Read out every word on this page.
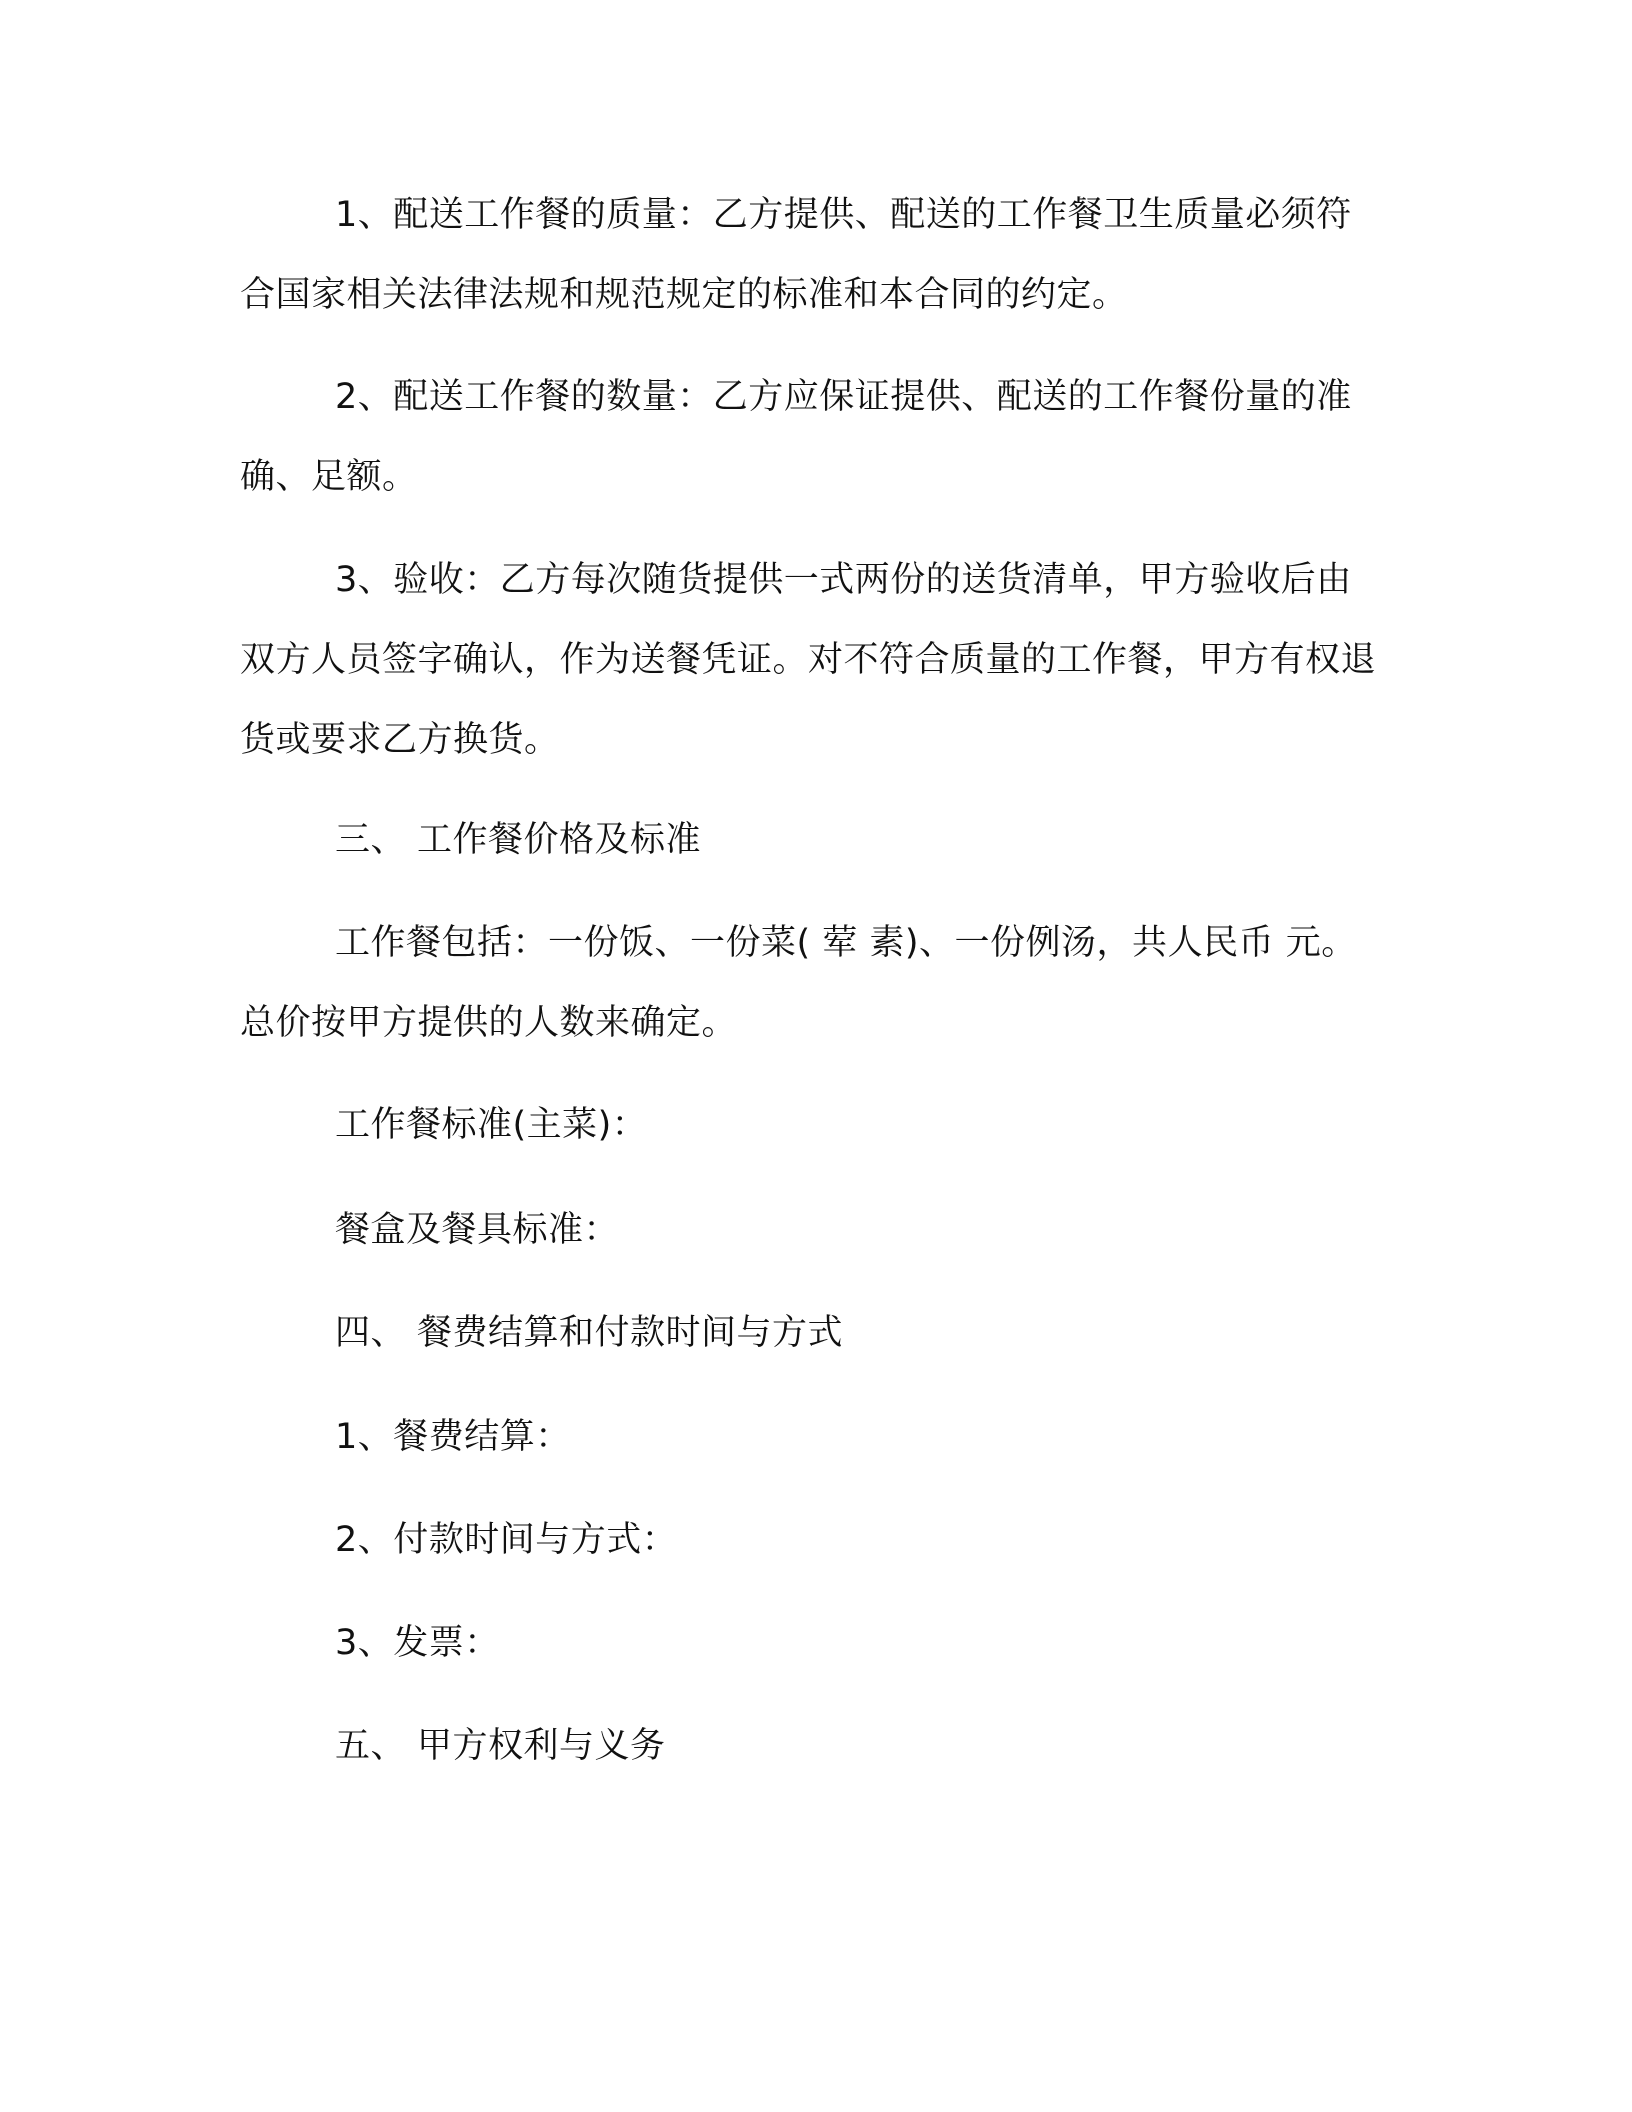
1、配送工作餐的质量：乙方提供、配送的工作餐卫生质量必须符合国家相关法律法规和规范规定的标准和本合同的约定。

2、配送工作餐的数量：乙方应保证提供、配送的工作餐份量的准确、足额。

3、验收：乙方每次随货提供一式两份的送货清单，甲方验收后由双方人员签字确认，作为送餐凭证。对不符合质量的工作餐，甲方有权退货或要求乙方换货。

三、 工作餐价格及标准

工作餐包括：一份饭、一份菜( 荤 素)、一份例汤，共人民币 元。总价按甲方提供的人数来确定。

工作餐标准(主菜)：

餐盒及餐具标准：

四、 餐费结算和付款时间与方式

1、餐费结算：

2、付款时间与方式：

3、发票：

五、 甲方权利与义务
